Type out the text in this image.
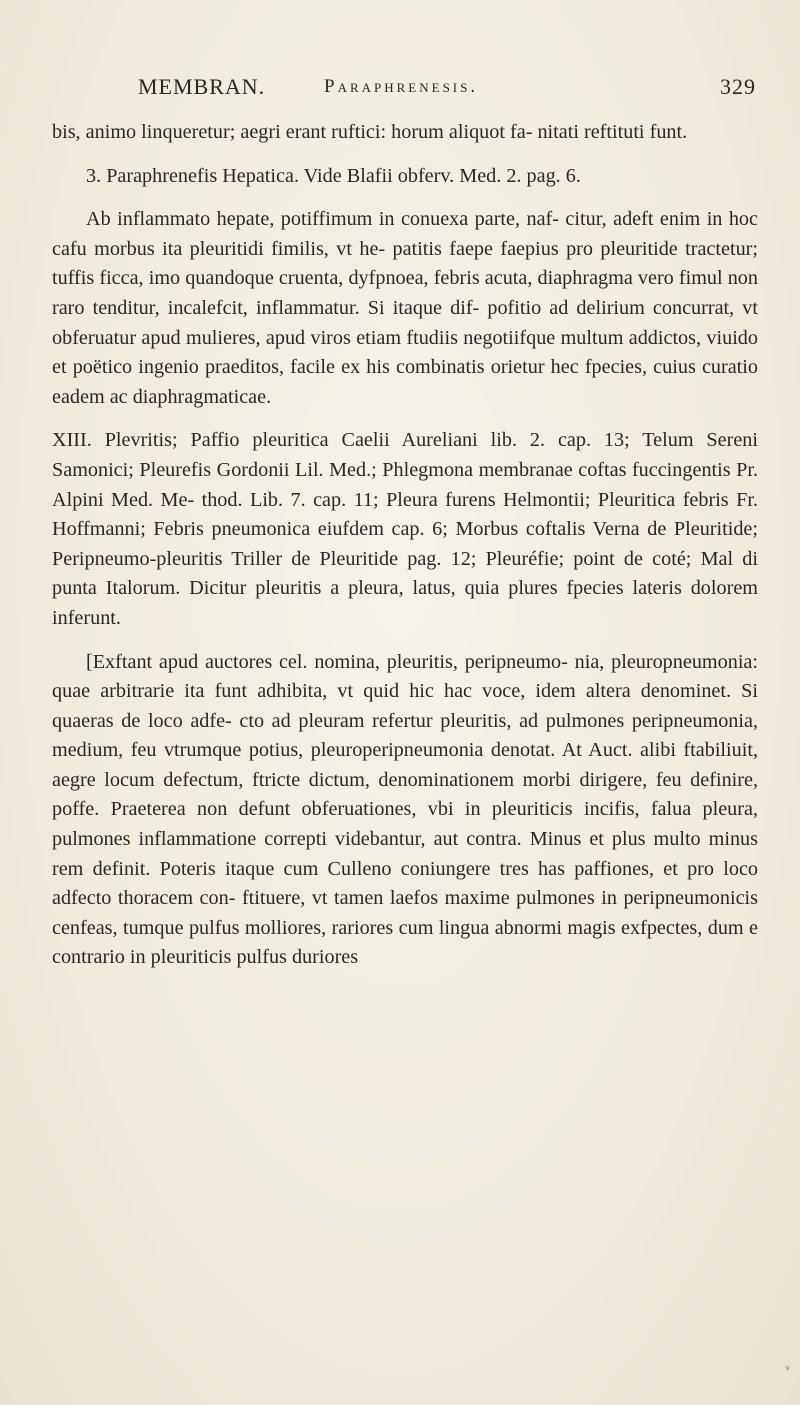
MEMBRAN.	Paraphrenesis.	329

bis, animo linqueretur; aegri erant ruftici: horum aliquot fa- nitati reftituti funt.

3. Paraphrenefis Hepatica. Vide Blafii obferv. Med. 2. pag. 6.

Ab inflammato hepate, potiffimum in conuexa parte, naf- citur, adeft enim in hoc cafu morbus ita pleuritidi fimilis, vt he- patitis faepe faepius pro pleuritide tractetur; tuffis ficca, imo quandoque cruenta, dyfpnoea, febris acuta, diaphragma vero fimul non raro tenditur, incalefcit, inflammatur. Si itaque dif- pofitio ad delirium concurrat, vt obferuatur apud mulieres, apud viros etiam ftudiis negotiifque multum addictos, viuido et poëtico ingenio praeditos, facile ex his combinatis orietur hec fpecies, cuius curatio eadem ac diaphragmaticae.

XIII. Plevritis; Paffio pleuritica Caelii Aureliani lib. 2. cap. 13; Telum Sereni Samonici; Pleurefis Gordonii Lil. Med.; Phlegmona membranae coftas fuccingentis Pr. Alpini Med. Me- thod. Lib. 7. cap. 11; Pleura furens Helmontii; Pleuritica febris Fr. Hoffmanni; Febris pneumonica eiufdem cap. 6; Morbus coftalis Verna de Pleuritide; Peripneumo-pleuritis Triller de Pleuritide pag. 12; Pleuréfie; point de coté; Mal di punta Italorum. Dicitur pleuritis a pleura, latus, quia plures fpecies lateris dolorem inferunt.

[Exftant apud auctores cel. nomina, pleuritis, peripneumo- nia, pleuropneumonia: quae arbitrarie ita funt adhibita, vt quid hic hac voce, idem altera denominet. Si quaeras de loco adfe- cto ad pleuram refertur pleuritis, ad pulmones peripneumonia, medium, feu vtrumque potius, pleuroperipneumonia denotat. At Auct. alibi ftabiliuit, aegre locum defectum, ftricte dictum, denominationem morbi dirigere, feu definire, poffe. Praeterea non defunt obferuationes, vbi in pleuriticis incifis, falua pleura, pulmones inflammatione correpti videbantur, aut contra. Minus et plus multo minus rem definit. Poteris itaque cum Culleno coniungere tres has paffiones, et pro loco adfecto thoracem con- ftituere, vt tamen laefos maxime pulmones in peripneumonicis cenfeas, tumque pulfus molliores, rariores cum lingua abnormi magis exfpectes, dum e contrario in pleuriticis pulfus duriores

ᵛ
